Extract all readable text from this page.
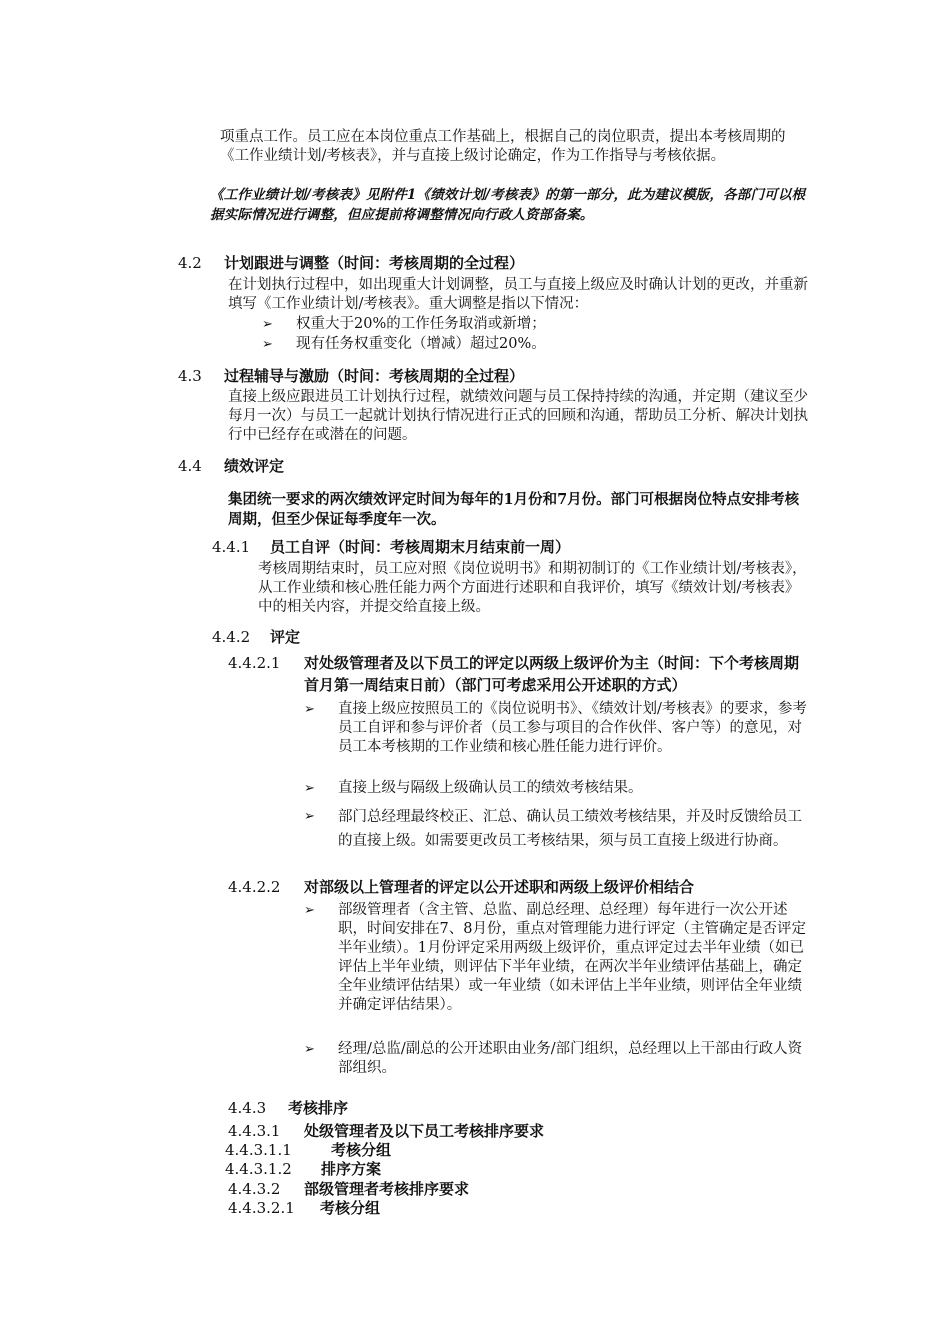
项重点工作。员工应在本岗位重点工作基础上，根据自己的岗位职责，提出本考核周期的《工作业绩计划/考核表》，并与直接上级讨论确定，作为工作指导与考核依据。

《工作业绩计划/考核表》见附件1《绩效计划/考核表》的第一部分，此为建议模版，各部门可以根据实际情况进行调整，但应提前将调整情况向行政人资部备案。

4.2 计划跟进与调整（时间：考核周期的全过程）

在计划执行过程中，如出现重大计划调整，员工与直接上级应及时确认计划的更改，并重新填写《工作业绩计划/考核表》。重大调整是指以下情况：

➢ 权重大于20%的工作任务取消或新增；
➢ 现有任务权重变化（增减）超过20%。
4.3 过程辅导与激励（时间：考核周期的全过程）

直接上级应跟进员工计划执行过程，就绩效问题与员工保持持续的沟通，并定期（建议至少每月一次）与员工一起就计划执行情况进行正式的回顾和沟通，帮助员工分析、解决计划执行中已经存在或潜在的问题。

4.4 绩效评定

集团统一要求的两次绩效评定时间为每年的1月份和7月份。部门可根据岗位特点安排考核周期，但至少保证每季度年一次。

4.4.1 员工自评（时间：考核周期末月结束前一周）

考核周期结束时，员工应对照《岗位说明书》和期初制订的《工作业绩计划/考核表》，从工作业绩和核心胜任能力两个方面进行述职和自我评价，填写《绩效计划/考核表》中的相关内容，并提交给直接上级。

4.4.2 评定
4.4.2.1 对处级管理者及以下员工的评定以两级上级评价为主（时间：下个考核周期首月第一周结束日前）（部门可考虑采用公开述职的方式）
➢ 直接上级应按照员工的《岗位说明书》、《绩效计划/考核表》的要求，参考员工自评和参与评价者（员工参与项目的合作伙伴、客户等）的意见，对员工本考核期的工作业绩和核心胜任能力进行评价。
➢ 直接上级与隔级上级确认员工的绩效考核结果。
➢ 部门总经理最终校正、汇总、确认员工绩效考核结果，并及时反馈给员工的直接上级。如需要更改员工考核结果，须与员工直接上级进行协商。
4.4.2.2 对部级以上管理者的评定以公开述职和两级上级评价相结合
➢ 部级管理者（含主管、总监、副总经理、总经理）每年进行一次公开述职，时间安排在7、8月份，重点对管理能力进行评定（主管确定是否评定半年业绩）。1月份评定采用两级上级评价，重点评定过去半年业绩（如已评估上半年业绩，则评估下半年业绩，在两次半年业绩评估基础上，确定全年业绩评估结果）或一年业绩（如未评估上半年业绩，则评估全年业绩并确定评估结果）。
➢ 经理/总监/副总的公开述职由业务/部门组织，总经理以上干部由行政人资部组织。
4.4.3 考核排序
4.4.3.1 处级管理者及以下员工考核排序要求
4.4.3.1.1	考核分组
4.4.3.1.2 排序方案
4.4.3.2 部级管理者考核排序要求
4.4.3.2.1 考核分组
